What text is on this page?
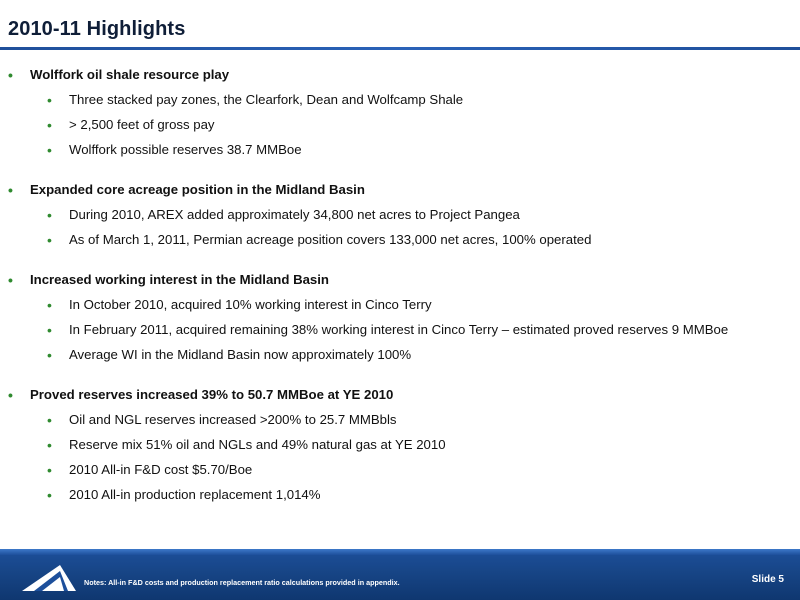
2010-11 Highlights
• Wolffork oil shale resource play
• Three stacked pay zones, the Clearfork, Dean and Wolfcamp Shale
• > 2,500 feet of gross pay
• Wolffork possible reserves 38.7 MMBoe
• Expanded core acreage position in the Midland Basin
• During 2010, AREX added approximately 34,800 net acres to Project Pangea
• As of March 1, 2011, Permian acreage position covers 133,000 net acres, 100% operated
• Increased working interest in the Midland Basin
• In October 2010, acquired 10% working interest in Cinco Terry
• In February 2011, acquired remaining 38% working interest in Cinco Terry – estimated proved reserves 9 MMBoe
• Average WI in the Midland Basin now approximately 100%
• Proved reserves increased 39% to 50.7 MMBoe at YE 2010
• Oil and NGL reserves increased >200% to 25.7 MMBbls
• Reserve mix 51% oil and NGLs and 49% natural gas at YE 2010
• 2010 All-in F&D cost $5.70/Boe
• 2010 All-in production replacement 1,014%
Notes: All-in F&D costs and production replacement ratio calculations provided in appendix.	Slide 5
